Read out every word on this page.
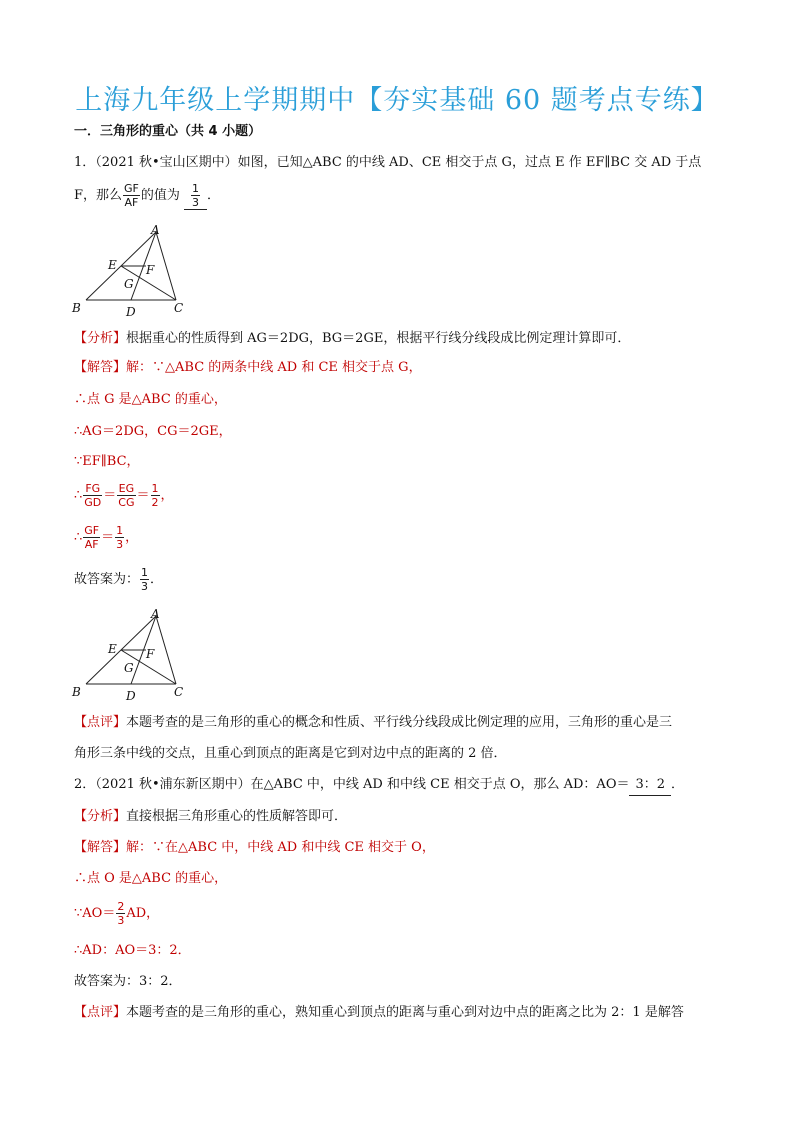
上海九年级上学期期中【夯实基础 60 题考点专练】
一．三角形的重心（共 4 小题）
1．（2021 秋•宝山区期中）如图，已知△ABC 的中线 AD、CE 相交于点 G，过点 E 作 EF∥BC 交 AD 于点
F，那么 $\frac{GF}{AF}$ 的值为 $\frac{1}{3}$ ．
A
E F
G
B	D	C
【分析】根据重心的性质得到 AG＝2DG，BG＝2GE，根据平行线分线段成比例定理计算即可．
【解答】解：∵△ABC 的两条中线 AD 和 CE 相交于点 G，
∴点 G 是△ABC 的重心，
∴AG＝2DG，CG＝2GE，
∵EF∥BC，
∴ $\frac{FG}{GD} = \frac{EG}{CG} = \frac{1}{2}$ ，
∴ $\frac{GF}{AF} = \frac{1}{3}$ ，
故答案为： $\frac{1}{3}$ ．
A
E F
G
B	D	C
【点评】本题考查的是三角形的重心的概念和性质、平行线分线段成比例定理的应用，三角形的重心是三
角形三条中线的交点，且重心到顶点的距离是它到对边中点的距离的 2 倍．
2．（2021 秋•浦东新区期中）在△ABC 中，中线 AD 和中线 CE 相交于点 O，那么 AD：AO＝ 3：2 ．
【分析】直接根据三角形重心的性质解答即可．
【解答】解：∵在△ABC 中，中线 AD 和中线 CE 相交于 O，
∴点 O 是△ABC 的重心，
∵AO＝ $\frac{2}{3}$ AD，
∴AD：AO＝3：2．
故答案为：3：2．
【点评】本题考查的是三角形的重心，熟知重心到顶点的距离与重心到对边中点的距离之比为 2：1 是解答
